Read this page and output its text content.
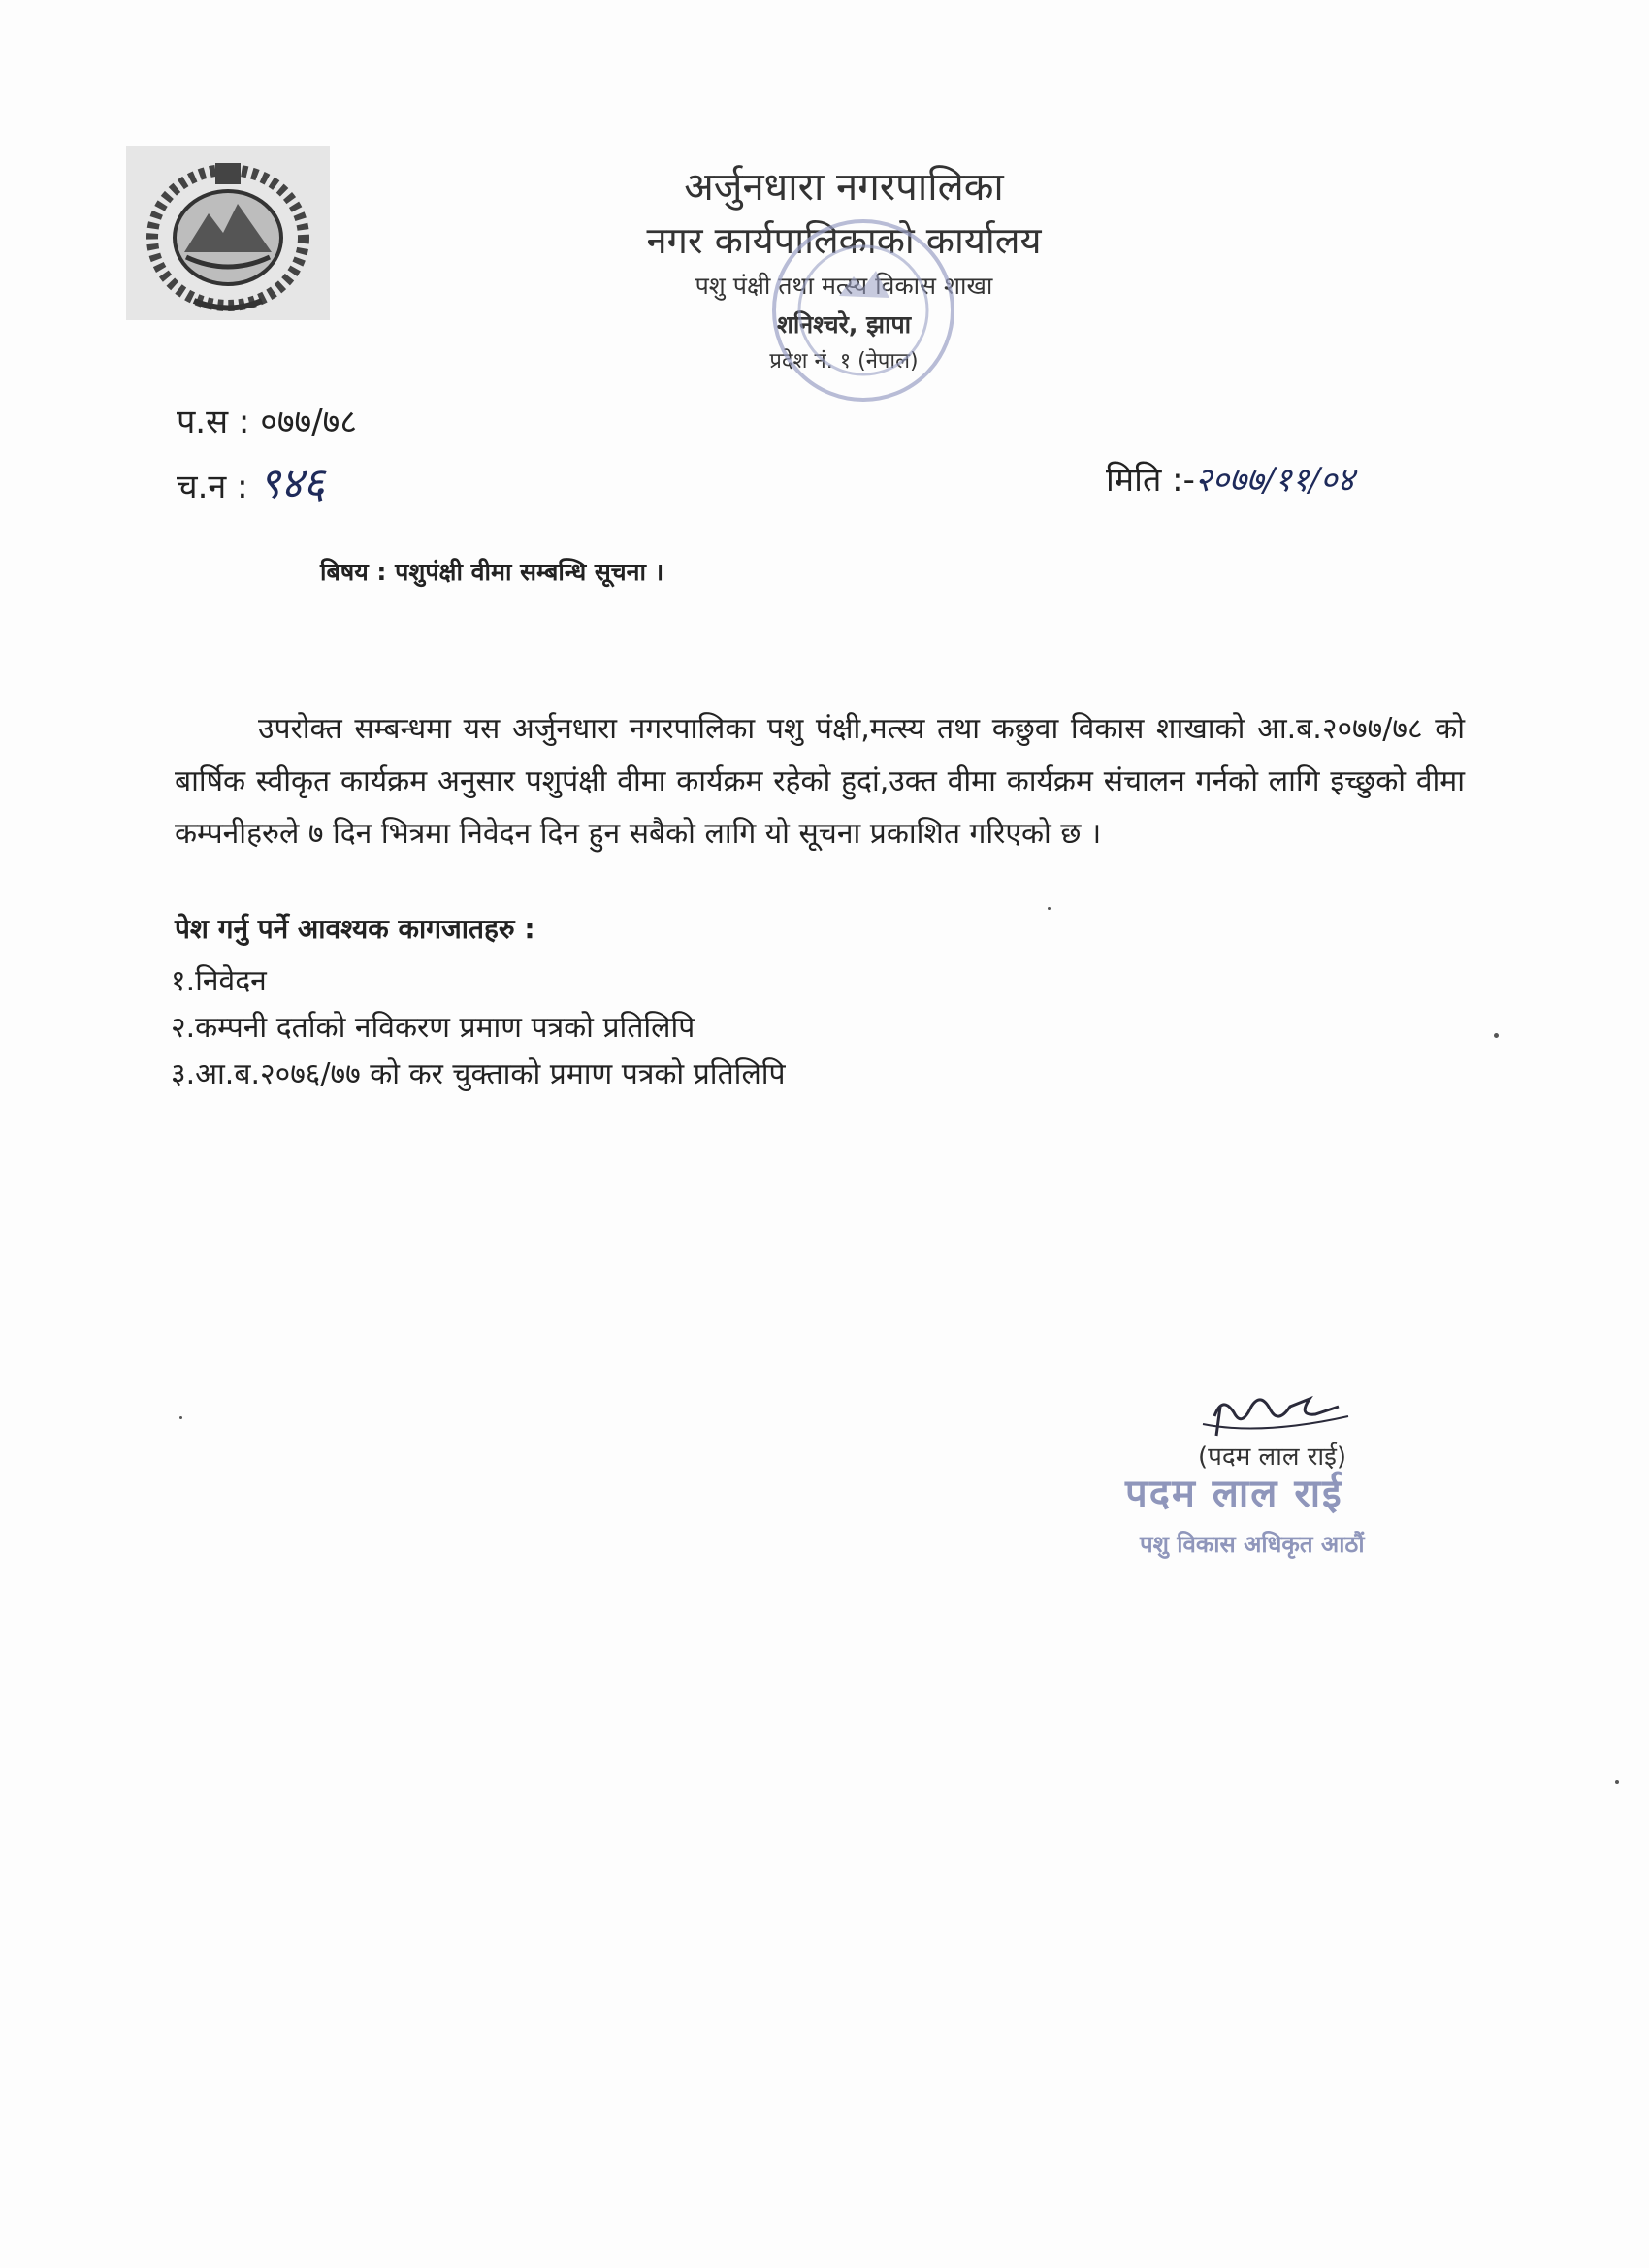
अर्जुनधारा नगरपालिका
नगर कार्यपालिकाको कार्यालय
पशु पंक्षी तथा मत्स्य विकास शाखा
शनिश्चरे, झापा
प्रदेश नं. १ (नेपाल)
प.स : ०७७/७८
च.न : ९४६	मिति :-२०७७/११/०४
बिषय : पशुपंक्षी वीमा सम्बन्धि सूचना ।

उपरोक्त सम्बन्धमा यस अर्जुनधारा नगरपालिका पशु पंक्षी,मत्स्य तथा कछुवा विकास शाखाको आ.ब.२०७७/७८ को बार्षिक स्वीकृत कार्यक्रम अनुसार पशुपंक्षी वीमा कार्यक्रम रहेको हुदां,उक्त वीमा कार्यक्रम संचालन गर्नको लागि इच्छुको वीमा कम्पनीहरुले ७ दिन भित्रमा निवेदन दिन हुन सबैको लागि यो सूचना प्रकाशित गरिएको छ ।

पेश गर्नु पर्ने आवश्यक कागजातहरु :
१.निवेदन
२.कम्पनी दर्ताको नविकरण प्रमाण पत्रको प्रतिलिपि
३.आ.ब.२०७६/७७ को कर चुक्ताको प्रमाण पत्रको प्रतिलिपि
(पदम लाल राई)
पदम लाल राई
पशु विकास अधिकृत आठौं
